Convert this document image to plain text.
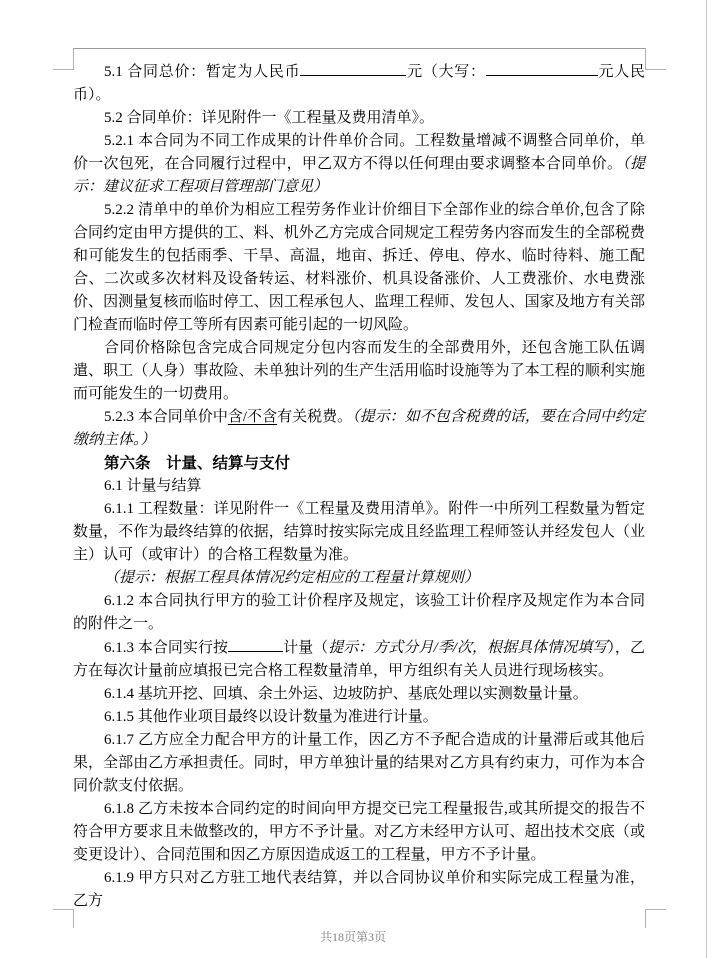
5.1 合同总价：暂定为人民币	元（大写：	元人民币）。

5.2 合同单价：详见附件一《工程量及费用清单》。

5.2.1 本合同为不同工作成果的计件单价合同。工程数量增减不调整合同单价，单价一次包死，在合同履行过程中，甲乙双方不得以任何理由要求调整本合同单价。（提示：建议征求工程项目管理部门意见）

5.2.2 清单中的单价为相应工程劳务作业计价细目下全部作业的综合单价,包含了除合同约定由甲方提供的工、料、机外乙方完成合同规定工程劳务内容而发生的全部税费和可能发生的包括雨季、干旱、高温，地亩、拆迁、停电、停水、临时待料、施工配合、二次或多次材料及设备转运、材料涨价、机具设备涨价、人工费涨价、水电费涨价、因测量复核而临时停工、因工程承包人、监理工程师、发包人、国家及地方有关部门检查而临时停工等所有因素可能引起的一切风险。

合同价格除包含完成合同规定分包内容而发生的全部费用外，还包含施工队伍调遣、职工（人身）事故险、未单独计列的生产生活用临时设施等为了本工程的顺利实施而可能发生的一切费用。

5.2.3 本合同单价中含/不含有关税费。（提示：如不包含税费的话，要在合同中约定缴纳主体。）

第六条　计量、结算与支付

6.1 计量与结算

6.1.1 工程数量：详见附件一《工程量及费用清单》。附件一中所列工程数量为暂定数量，不作为最终结算的依据，结算时按实际完成且经监理工程师签认并经发包人（业主）认可（或审计）的合格工程数量为准。

（提示：根据工程具体情况约定相应的工程量计算规则）

6.1.2 本合同执行甲方的验工计价程序及规定，该验工计价程序及规定作为本合同的附件之一。

6.1.3 本合同实行按	计量（提示：方式分月/季/次，根据具体情况填写），乙方在每次计量前应填报已完合格工程数量清单，甲方组织有关人员进行现场核实。

6.1.4 基坑开挖、回填、余土外运、边坡防护、基底处理以实测数量计量。

6.1.5 其他作业项目最终以设计数量为准进行计量。

6.1.7 乙方应全力配合甲方的计量工作，因乙方不予配合造成的计量滞后或其他后果，全部由乙方承担责任。同时，甲方单独计量的结果对乙方具有约束力，可作为本合同价款支付依据。

6.1.8 乙方未按本合同约定的时间向甲方提交已完工程量报告,或其所提交的报告不符合甲方要求且未做整改的，甲方不予计量。对乙方未经甲方认可、超出技术交底（或变更设计）、合同范围和因乙方原因造成返工的工程量，甲方不予计量。

6.1.9 甲方只对乙方驻工地代表结算，并以合同协议单价和实际完成工程量为准，乙方

共18页第3页
